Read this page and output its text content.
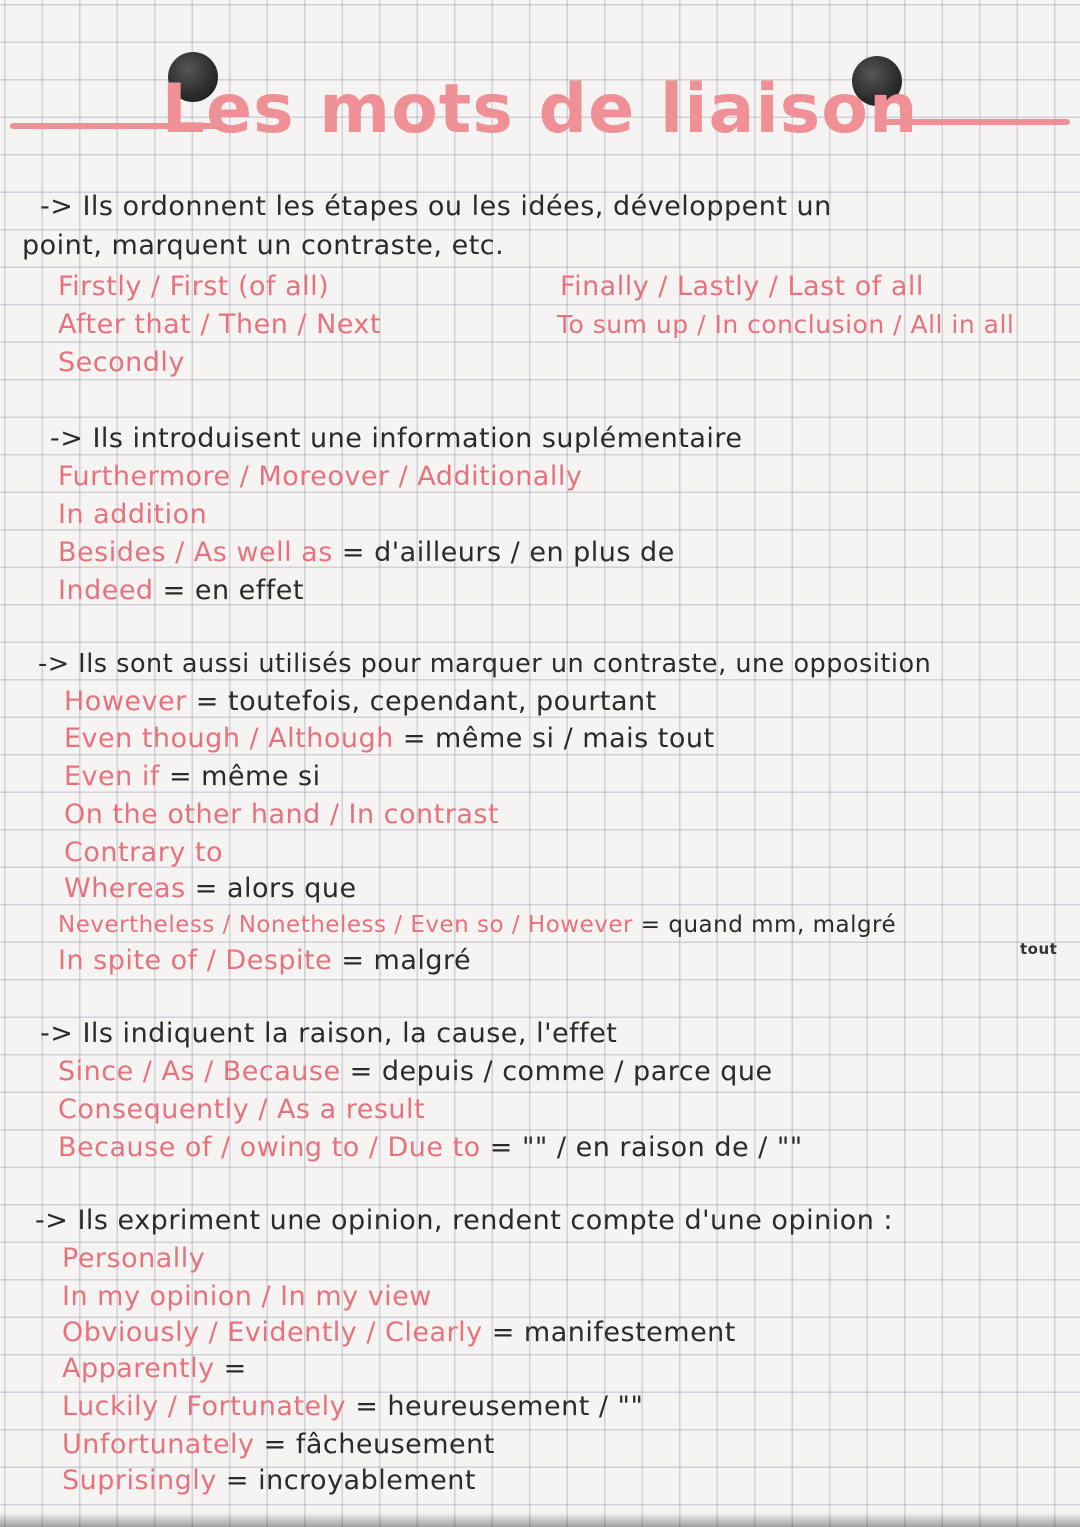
Les mots de liaison
-> Ils ordonnent les étapes ou les idées, développent un
point, marquent un contraste, etc.
Firstly / First (of all)
After that / Then / Next
Secondly
Finally / Lastly / Last of all
To sum up / In conclusion / All in all
-> Ils introduisent une information suplémentaire
Furthermore / Moreover / Additionally
In addition
Besides / As well as = d'ailleurs / en plus de
Indeed = en effet
-> Ils sont aussi utilisés pour marquer un contraste, une opposition
However = toutefois, cependant, pourtant
Even though / Although = même si / mais tout
Even if = même si
On the other hand / In contrast
Contrary to
Whereas = alors que
Nevertheless / Nonetheless / Even so / However = quand mm, malgré
tout
In spite of / Despite = malgré
-> Ils indiquent la raison, la cause, l'effet
Since / As / Because = depuis / comme / parce que
Consequently / As a result
Because of / owing to / Due to = "" / en raison de / ""
-> Ils expriment une opinion, rendent compte d'une opinion :
Personally
In my opinion / In my view
Obviously / Evidently / Clearly = manifestement
Apparently =
Luckily / Fortunately = heureusement / ""
Unfortunately = fâcheusement
Suprisingly = incroyablement
